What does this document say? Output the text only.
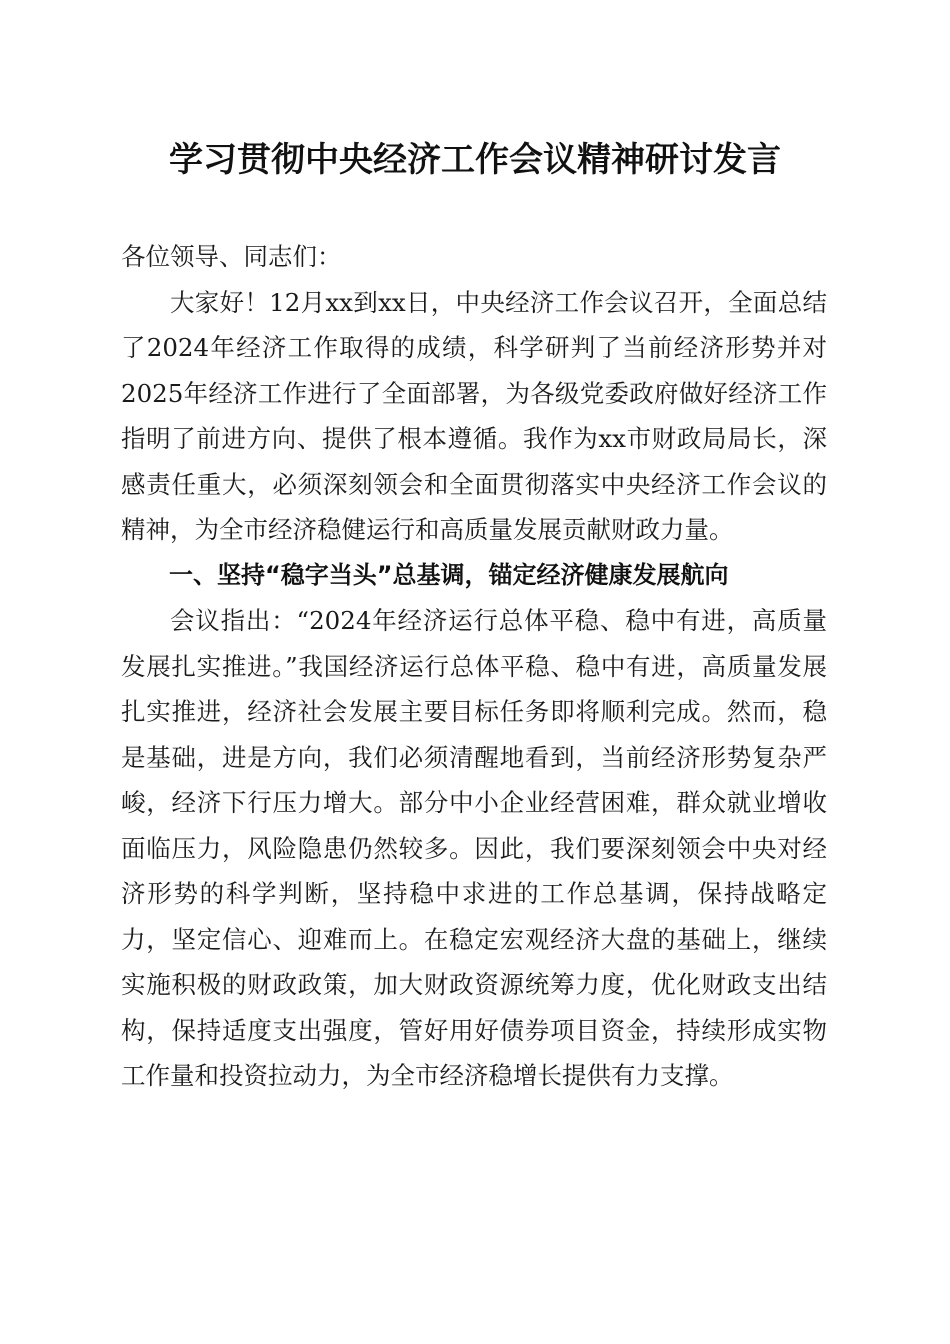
学习贯彻中央经济工作会议精神研讨发言

各位领导、同志们：

大家好！12月xx到xx日，中央经济工作会议召开，全面总结了2024年经济工作取得的成绩，科学研判了当前经济形势并对2025年经济工作进行了全面部署，为各级党委政府做好经济工作指明了前进方向、提供了根本遵循。我作为xx市财政局局长，深感责任重大，必须深刻领会和全面贯彻落实中央经济工作会议的精神，为全市经济稳健运行和高质量发展贡献财政力量。

一、坚持“稳字当头”总基调，锚定经济健康发展航向

会议指出：“2024年经济运行总体平稳、稳中有进，高质量发展扎实推进。”我国经济运行总体平稳、稳中有进，高质量发展扎实推进，经济社会发展主要目标任务即将顺利完成。然而，稳是基础，进是方向，我们必须清醒地看到，当前经济形势复杂严峻，经济下行压力增大。部分中小企业经营困难，群众就业增收面临压力，风险隐患仍然较多。因此，我们要深刻领会中央对经济形势的科学判断，坚持稳中求进的工作总基调，保持战略定力，坚定信心、迎难而上。在稳定宏观经济大盘的基础上，继续实施积极的财政政策，加大财政资源统筹力度，优化财政支出结构，保持适度支出强度，管好用好债券项目资金，持续形成实物工作量和投资拉动力，为全市经济稳增长提供有力支撑。
